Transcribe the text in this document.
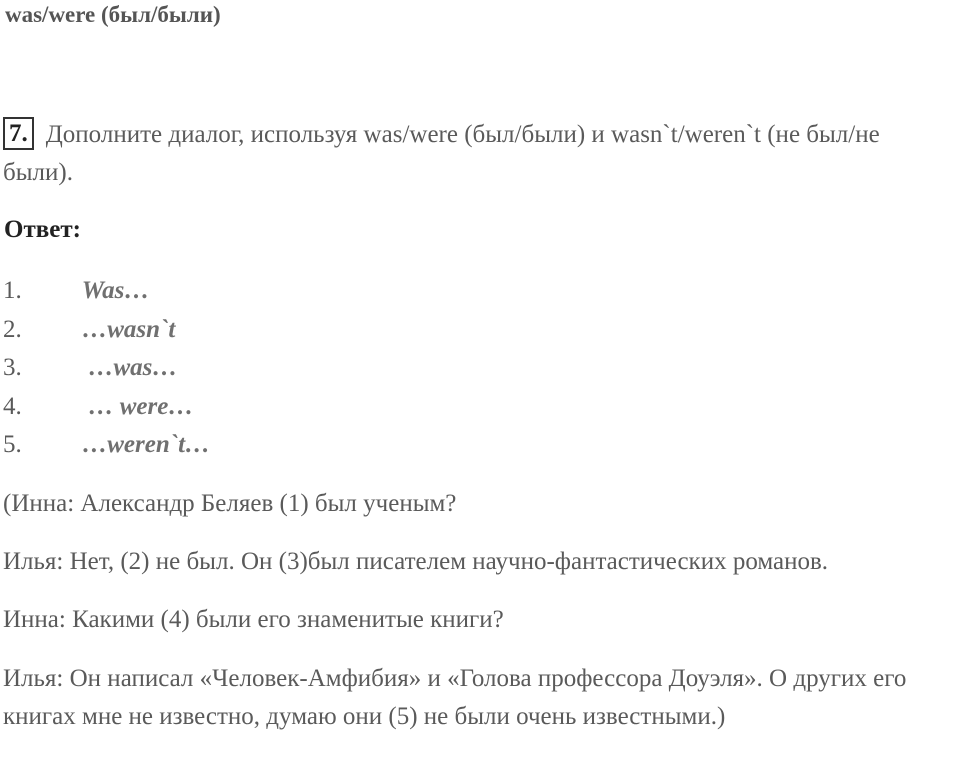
was/were (был/были)
7. Дополните диалог, используя was/were (был/были) и wasn`t/weren`t (не был/не были).
Ответ:
1. Was…
2. …wasn`t
3. …was…
4. … were…
5. …weren`t…

(Инна: Александр Беляев (1) был ученым?

Илья: Нет, (2) не был. Он (3)был писателем научно-фантастических романов.

Инна: Какими (4) были его знаменитые книги?

Илья: Он написал «Человек-Амфибия» и «Голова профессора Доуэля». О других его книгах мне не известно, думаю они (5) не были очень известными.)
